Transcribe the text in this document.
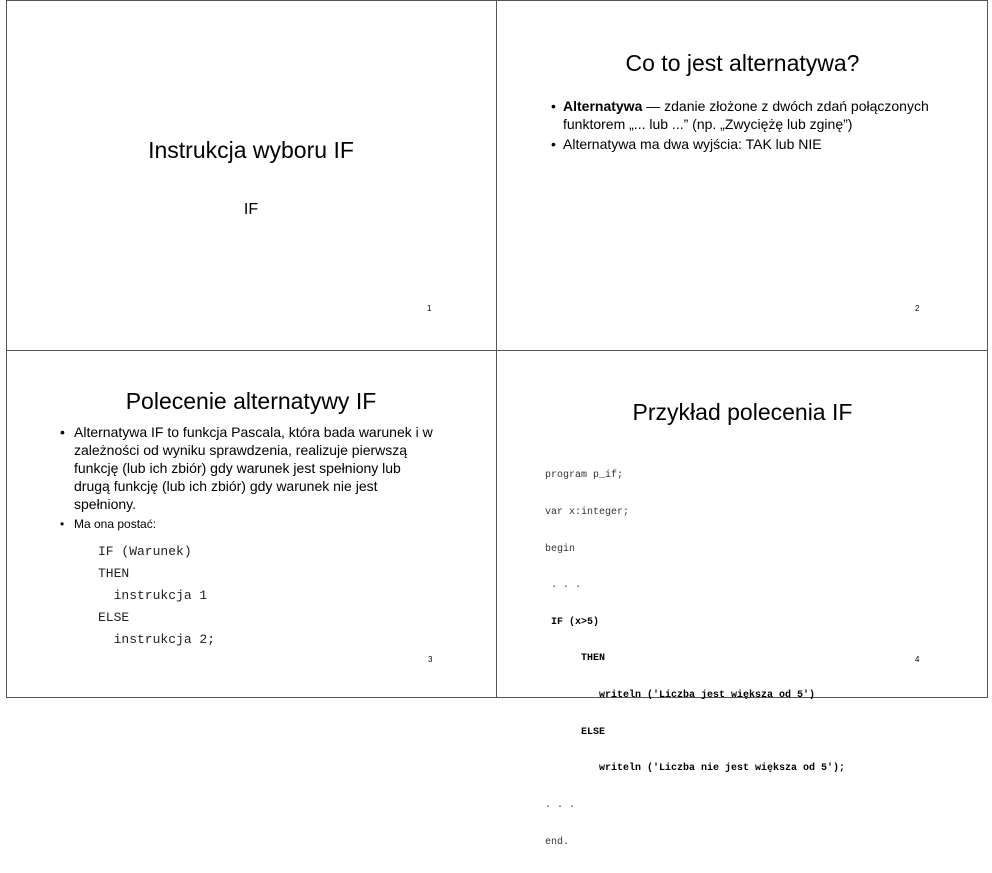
Instrukcja wyboru IF
IF
1
Co to jest alternatywa?
• Alternatywa — zdanie złożone z dwóch zdań połączonych funktorem „... lub ...” (np. „Zwyciężę lub zginę”)
• Alternatywa ma dwa wyjścia: TAK lub NIE
2
Polecenie alternatywy IF
• Alternatywa IF to funkcja Pascala, która bada warunek i w zależności od wyniku sprawdzenia, realizuje pierwszą funkcję (lub ich zbiór) gdy warunek jest spełniony lub drugą funkcję (lub ich zbiór) gdy warunek nie jest spełniony.
• Ma ona postać:
IF (Warunek)
THEN
instrukcja 1
ELSE
instrukcja 2;
3
Przykład polecenia IF

program p_if;

var x:integer;

begin

. . .

IF (x>5)

THEN

writeln ('Liczba jest większa od 5')

ELSE

writeln ('Liczba nie jest większa od 5');

. . .

end.

4
